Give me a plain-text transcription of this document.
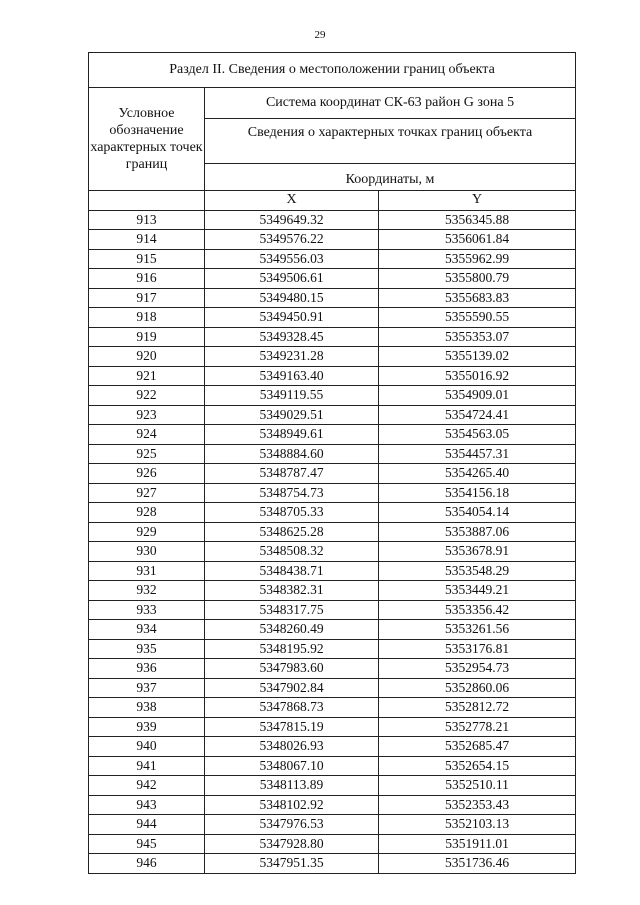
29
Раздел II. Сведения о местоположении границ объекта		
Условное обозначение характерных точек границ	Система координат СК-63 район G зона 5	
	Сведения о характерных точках границ объекта	
	Координаты, м	
	X	Y
913	5349649.32	5356345.88
914	5349576.22	5356061.84
915	5349556.03	5355962.99
916	5349506.61	5355800.79
917	5349480.15	5355683.83
918	5349450.91	5355590.55
919	5349328.45	5355353.07
920	5349231.28	5355139.02
921	5349163.40	5355016.92
922	5349119.55	5354909.01
923	5349029.51	5354724.41
924	5348949.61	5354563.05
925	5348884.60	5354457.31
926	5348787.47	5354265.40
927	5348754.73	5354156.18
928	5348705.33	5354054.14
929	5348625.28	5353887.06
930	5348508.32	5353678.91
931	5348438.71	5353548.29
932	5348382.31	5353449.21
933	5348317.75	5353356.42
934	5348260.49	5353261.56
935	5348195.92	5353176.81
936	5347983.60	5352954.73
937	5347902.84	5352860.06
938	5347868.73	5352812.72
939	5347815.19	5352778.21
940	5348026.93	5352685.47
941	5348067.10	5352654.15
942	5348113.89	5352510.11
943	5348102.92	5352353.43
944	5347976.53	5352103.13
945	5347928.80	5351911.01
946	5347951.35	5351736.46
